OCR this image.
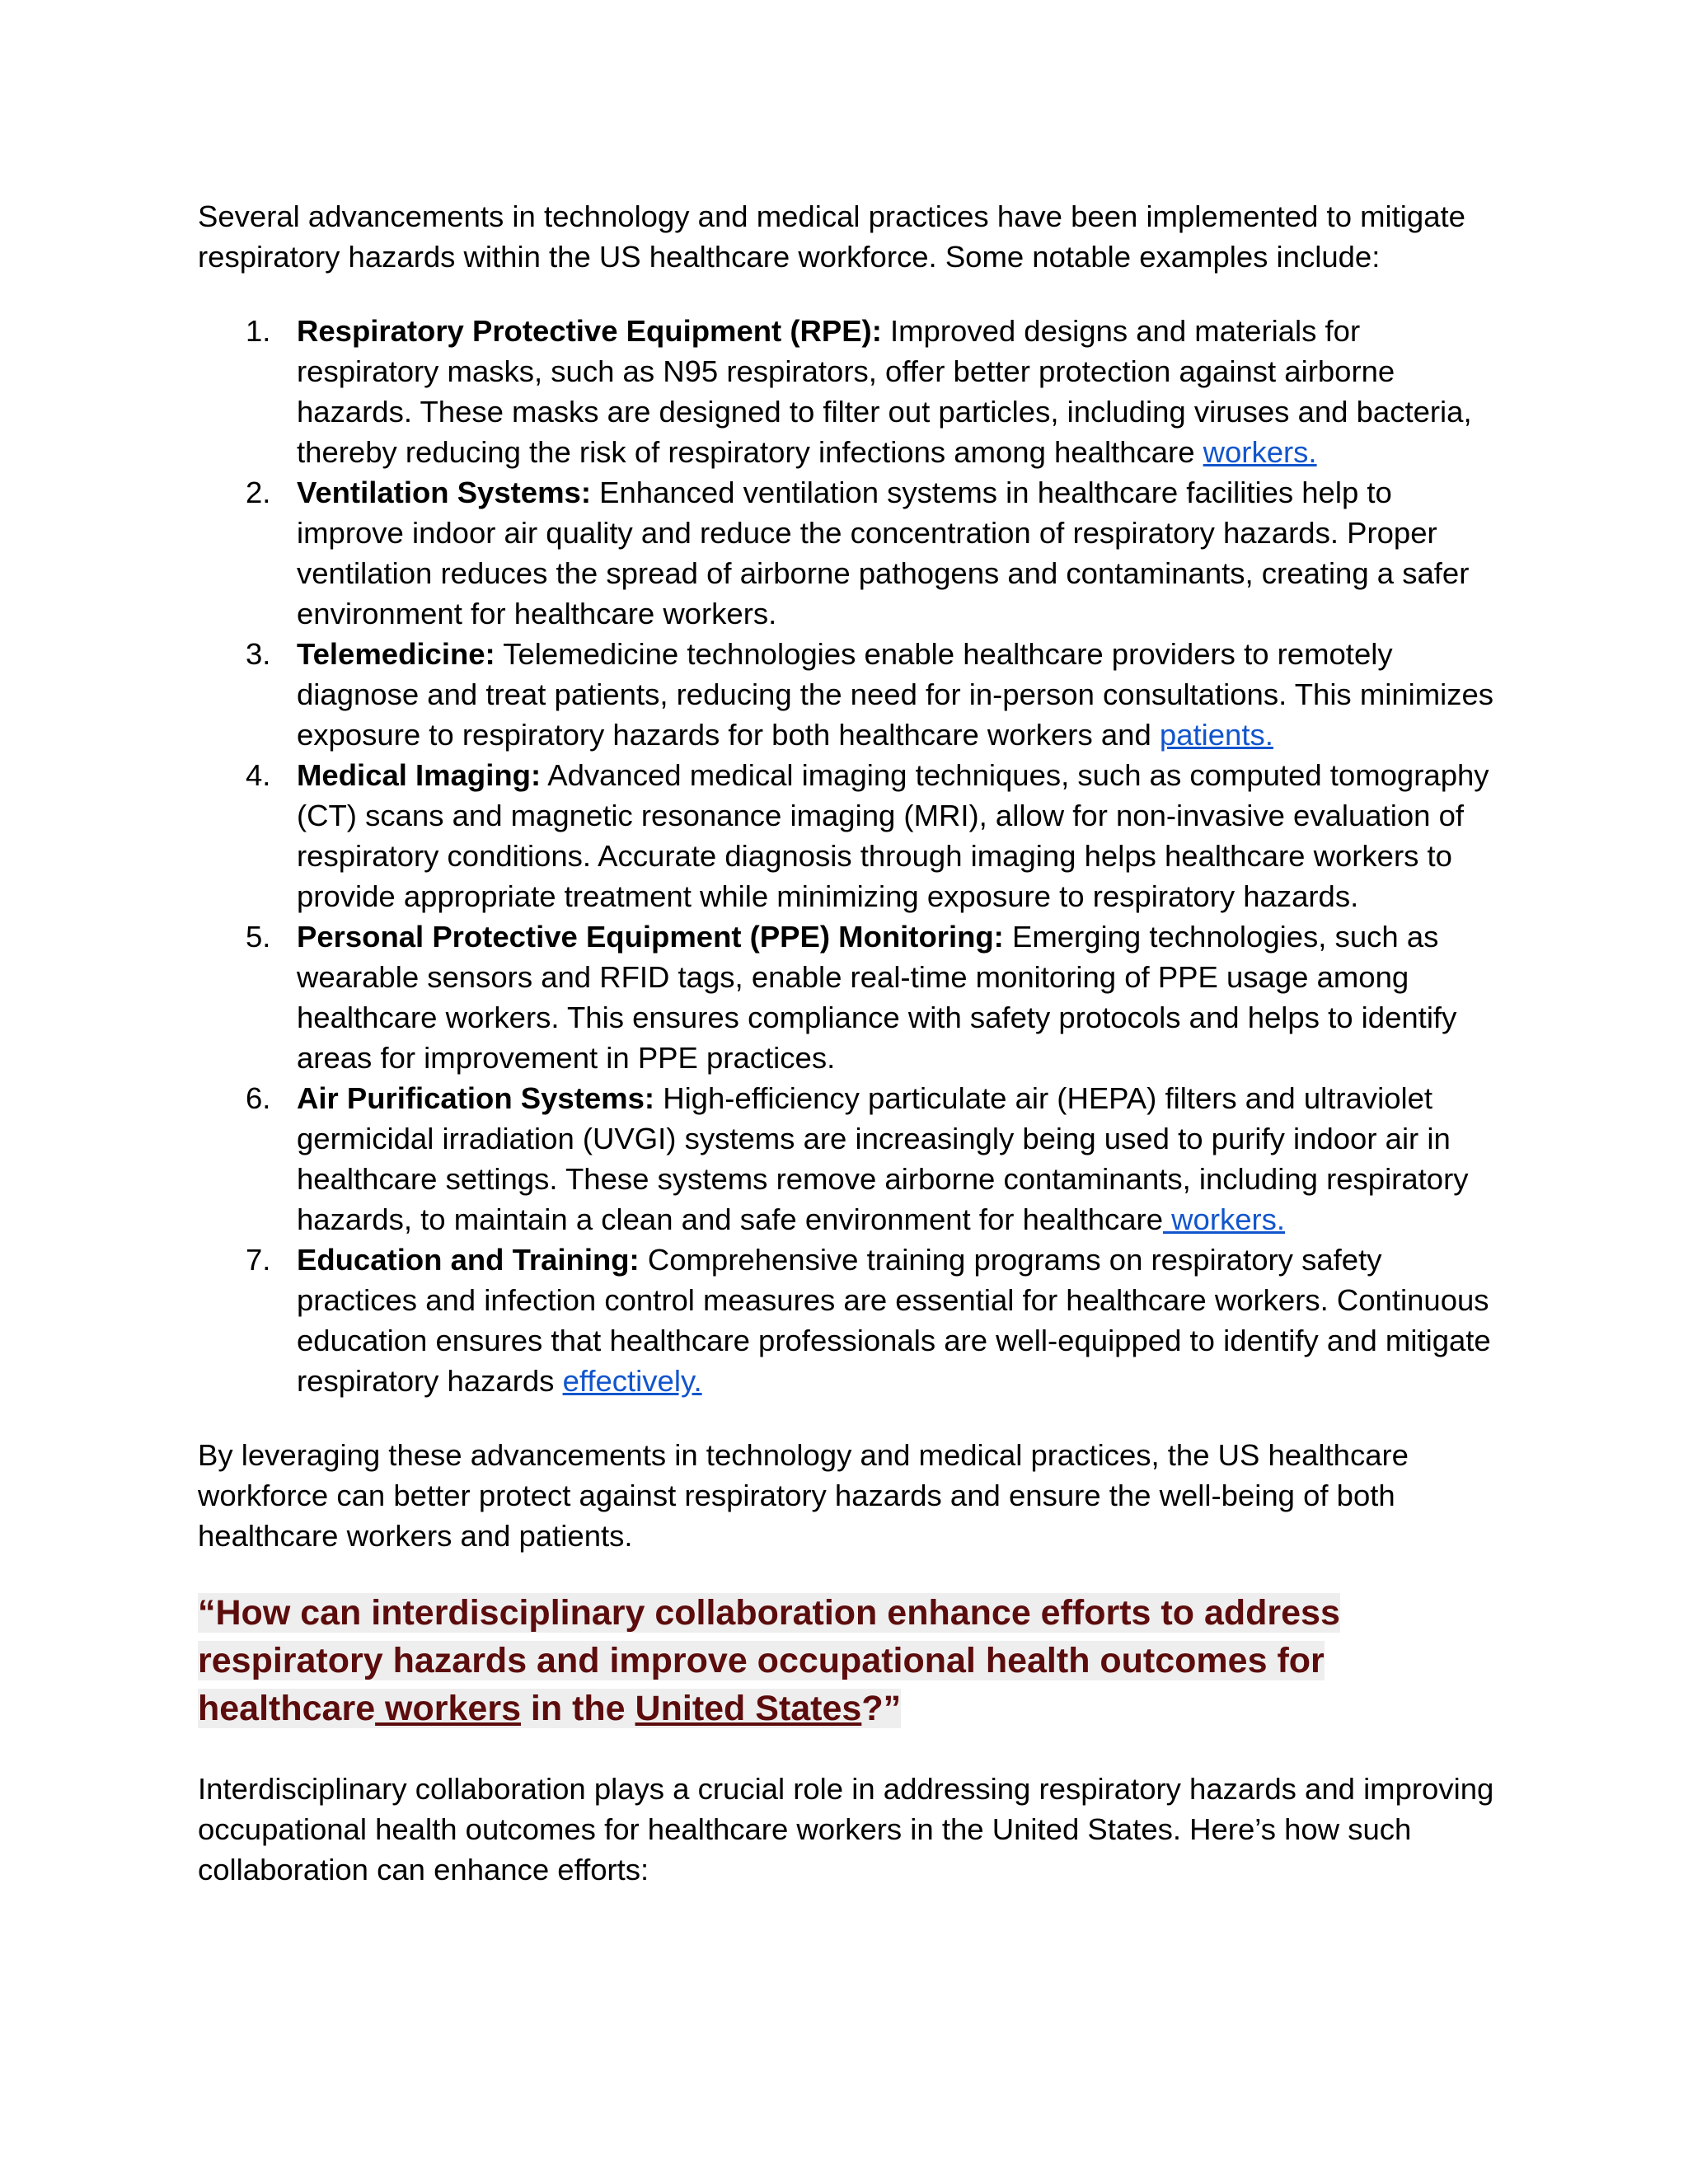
Several advancements in technology and medical practices have been implemented to mitigate respiratory hazards within the US healthcare workforce. Some notable examples include:

1. Respiratory Protective Equipment (RPE): Improved designs and materials for respiratory masks, such as N95 respirators, offer better protection against airborne hazards. These masks are designed to filter out particles, including viruses and bacteria, thereby reducing the risk of respiratory infections among healthcare workers.
2. Ventilation Systems: Enhanced ventilation systems in healthcare facilities help to improve indoor air quality and reduce the concentration of respiratory hazards. Proper ventilation reduces the spread of airborne pathogens and contaminants, creating a safer environment for healthcare workers.
3. Telemedicine: Telemedicine technologies enable healthcare providers to remotely diagnose and treat patients, reducing the need for in-person consultations. This minimizes exposure to respiratory hazards for both healthcare workers and patients.
4. Medical Imaging: Advanced medical imaging techniques, such as computed tomography (CT) scans and magnetic resonance imaging (MRI), allow for non-invasive evaluation of respiratory conditions. Accurate diagnosis through imaging helps healthcare workers to provide appropriate treatment while minimizing exposure to respiratory hazards.
5. Personal Protective Equipment (PPE) Monitoring: Emerging technologies, such as wearable sensors and RFID tags, enable real-time monitoring of PPE usage among healthcare workers. This ensures compliance with safety protocols and helps to identify areas for improvement in PPE practices.
6. Air Purification Systems: High-efficiency particulate air (HEPA) filters and ultraviolet germicidal irradiation (UVGI) systems are increasingly being used to purify indoor air in healthcare settings. These systems remove airborne contaminants, including respiratory hazards, to maintain a clean and safe environment for healthcare workers.
7. Education and Training: Comprehensive training programs on respiratory safety practices and infection control measures are essential for healthcare workers. Continuous education ensures that healthcare professionals are well-equipped to identify and mitigate respiratory hazards effectively.

By leveraging these advancements in technology and medical practices, the US healthcare workforce can better protect against respiratory hazards and ensure the well-being of both healthcare workers and patients.

“How can interdisciplinary collaboration enhance efforts to address respiratory hazards and improve occupational health outcomes for healthcare workers in the United States?”

Interdisciplinary collaboration plays a crucial role in addressing respiratory hazards and improving occupational health outcomes for healthcare workers in the United States. Here’s how such collaboration can enhance efforts:
